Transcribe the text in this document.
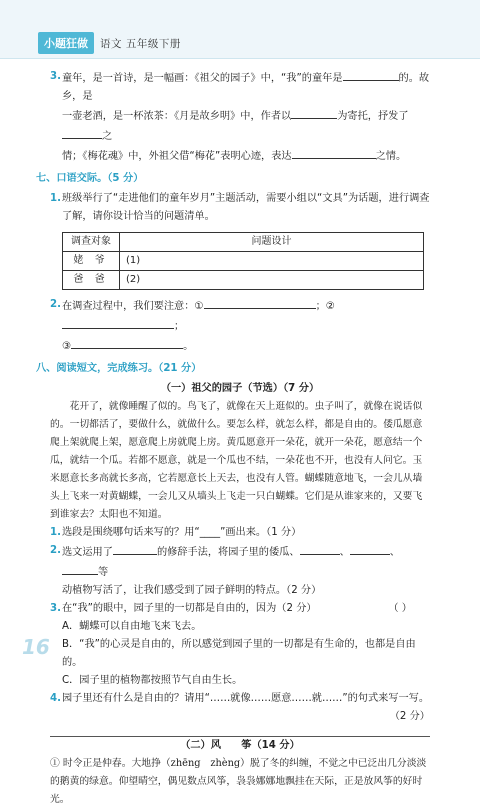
小题狂做	语文 五年级下册
3. 童年，是一首诗，是一幅画：《祖父的园子》中，“我”的童年是	的。故乡，是
一壶老酒，是一杯浓茶：《月是故乡明》中，作者以	为寄托，抒发了之
情；《梅花魂》中，外祖父借“梅花”表明心迹，表达	之情。
七、口语交际。（5 分）
1. 班级举行了“走进他们的童年岁月”主题活动，需要小组以“文具”为话题，进行调查了解，请你设计恰当的问题清单。
调查对象	问题设计
姥 爷	(1)
爸 爸	(2)
2. 在调查过程中，我们要注意：①	；②；
③	。
八、阅读短文，完成练习。（21 分）
（一）祖父的园子（节选）（7 分）

花开了，就像睡醒了似的。鸟飞了，就像在天上逛似的。虫子叫了，就像在说话似的。一切都活了，要做什么，就做什么。要怎么样，就怎么样，都是自由的。倭瓜愿意爬上架就爬上架，愿意爬上房就爬上房。黄瓜愿意开一朵花，就开一朵花，愿意结一个瓜，就结一个瓜。若都不愿意，就是一个瓜也不结，一朵花也不开，也没有人问它。玉米愿意长多高就长多高，它若愿意长上天去，也没有人管。蝴蝶随意地飞，一会儿从墙头上飞来一对黄蝴蝶，一会儿又从墙头上飞走一只白蝴蝶。它们是从谁家来的，又要飞到谁家去？太阳也不知道。

1. 选段是围绕哪句话来写的？用“____”画出来。（1 分）
2. 选文运用了	的修辞手法，将园子里的倭瓜、	、	、等
动植物写活了，让我们感受到了园子鲜明的特点。（2 分）
3. 在“我”的眼中，园子里的一切都是自由的，因为（2 分）	（ ）
A．蝴蝶可以自由地飞来飞去。
B．“我”的心灵是自由的，所以感觉到园子里的一切都是有生命的，也都是自由的。
C．园子里的植物都按照节气自由生长。
4. 园子里还有什么是自由的？请用“……就像……愿意……就……”的句式来写一写。
（2 分）
（二）风　　筝（14 分）

① 时令正是仲春。大地挣（zhēng　zhèng）脱了冬的纠缠，不觉之中已泛出几分淡淡的鹅黄的绿意。仰望晴空，偶见数点风筝，袅袅娜娜地飘挂在天际，正是放风筝的好时光。

16
